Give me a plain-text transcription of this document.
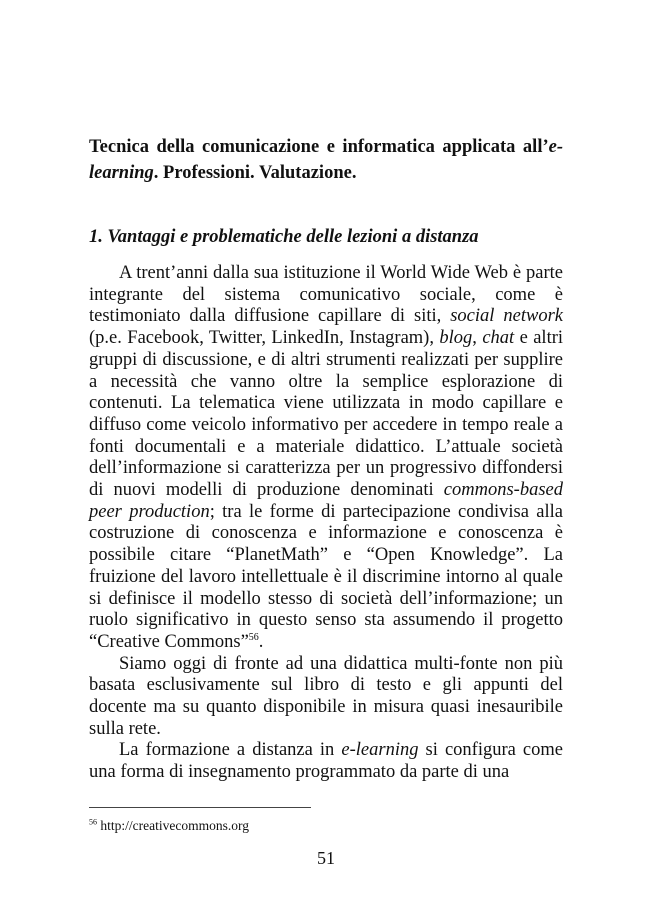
Tecnica della comunicazione e informatica applicata all’e-learning. Professioni. Valutazione.
1. Vantaggi e problematiche delle lezioni a distanza

A trent’anni dalla sua istituzione il World Wide Web è parte integrante del sistema comunicativo sociale, come è testimoniato dalla diffusione capillare di siti, social network (p.e. Facebook, Twitter, LinkedIn, Instagram), blog, chat e altri gruppi di discussione, e di altri strumenti realizzati per supplire a necessità che vanno oltre la semplice esplorazione di contenuti. La telematica viene utilizzata in modo capillare e diffuso come veicolo informativo per accedere in tempo reale a fonti documentali e a materiale didattico. L’attuale società dell’informazione si caratterizza per un progressivo diffondersi di nuovi modelli di produzione denominati commons-based peer production; tra le forme di partecipazione condivisa alla costruzione di conoscenza e informazione e conoscenza è possibile citare “PlanetMath” e “Open Knowledge”. La fruizione del lavoro intellettuale è il discrimine intorno al quale si definisce il modello stesso di società dell’informazione; un ruolo significativo in questo senso sta assumendo il progetto “Creative Commons”$^{56}$.

Siamo oggi di fronte ad una didattica multi-fonte non più basata esclusivamente sul libro di testo e gli appunti del docente ma su quanto disponibile in misura quasi inesauribile sulla rete.

La formazione a distanza in e-learning si configura come una forma di insegnamento programmato da parte di una

$^{56}$ http://creativecommons.org
51
